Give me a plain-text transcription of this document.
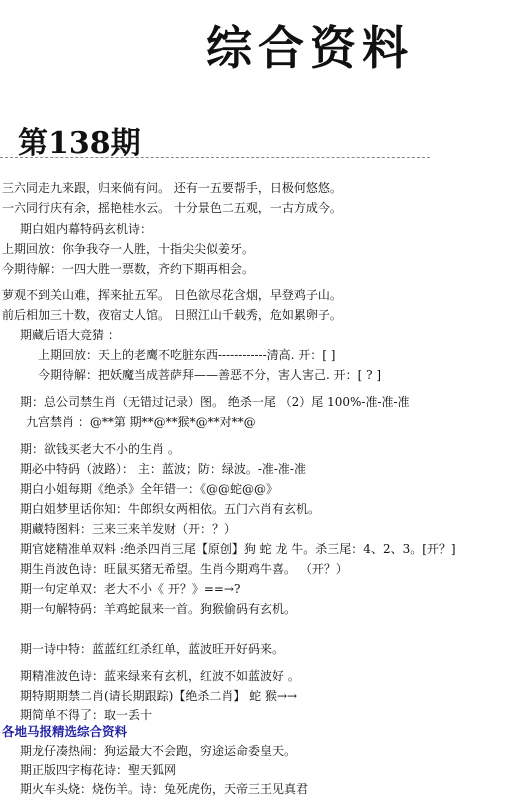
综合资料
第138期
三六同走九来跟，归来倘有问。 还有一五要帮手，日极何悠悠。
一六同行庆有余，摇艳桂水云。 十分景色二五观，一古方成今。
期白姐内幕特码玄机诗：
上期回放：你争我夺一人胜，十指尖尖似姜牙。
今期待解：一四大胜一票数，齐约下期再相会。
萝观不到关山难，挥来扯五军。 日色欲尽花含烟，早登鸡子山。
前后相加三十数，夜宿丈人馆。 日照江山千载秀，危如累卵子。
期藏后语大竞猜 ：
上期回放：天上的老鹰不吃脏东西------------清高. 开：[ ]
今期待解：把妖魔当成菩萨拜——善恶不分，害人害己. 开：[ ? ]
期：总公司禁生肖（无错过记录）图。 绝杀一尾 （2）尾 100%-准-准-准
九宫禁肖 ：@**第 期**@**猴*@**对**@
期：欲钱买老大不小的生肖 。
期必中特码（波路）： 主：蓝波；防：绿波。-准-准-准
期白小姐每期《绝杀》全年错一：《@@蛇@@》
期白姐梦里话你知：牛郎织女两相依。五门六肖有玄机。
期藏特图料：三来三来羊发财（开：？）
期官姥精准单双料 :绝杀四肖三尾【原创】狗 蛇 龙 牛。杀三尾：4、2、3。[开？]
期生肖波色诗：旺鼠买猪无希望。生肖今期鸡牛喜。 （开？）
期一句定单双：老大不小《 开？》==→?
期一句解特码：羊鸡蛇鼠来一首。狗猴偷码有玄机。
期一诗中特：蓝蓝红红杀红单，蓝波旺开好码来。
期精准波色诗：蓝来绿来有玄机，红波不如蓝波好 。
期特期期禁二肖(请长期跟踪)【绝杀二肖】 蛇 猴→→
期简单不得了：取一丢十
各地马报精选综合资料
期龙仔凑热闹：狗运最大不会跑，穷途运命委皇天。
期正版四字梅花诗：聖天狐网
期火车头烧：烧伤羊。诗：兔死虎伤，天帝三王见真君
